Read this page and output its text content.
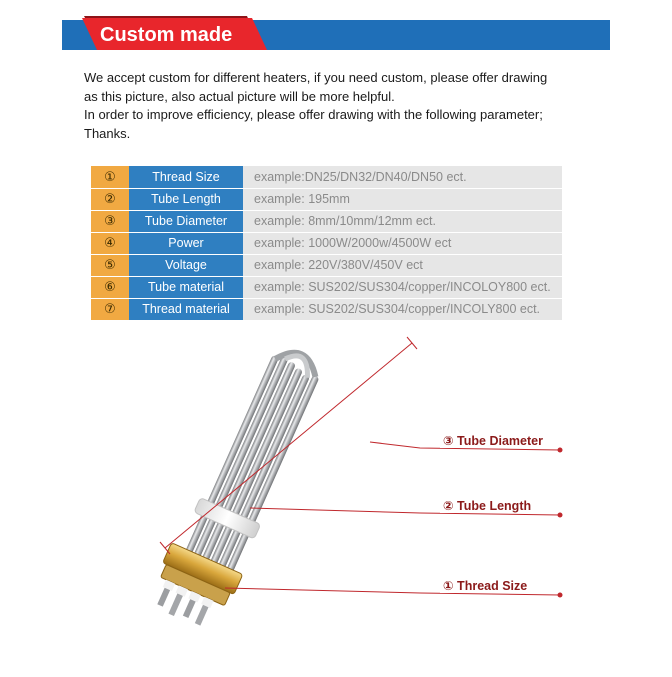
Custom made

We accept custom for different heaters, if you need custom, please offer drawing

as this picture, also actual picture will be more helpful.

In order to improve efficiency, please offer drawing with the following parameter;

Thanks.

①	Thread Size	example:DN25/DN32/DN40/DN50 ect.
②	Tube Length	example: 195mm
③	Tube Diameter	example: 8mm/10mm/12mm ect.
④	Power	example: 1000W/2000w/4500W ect
⑤	Voltage	example: 220V/380V/450V ect
⑥	Tube material	example: SUS202/SUS304/copper/INCOLOY800 ect.
⑦	Thread material	example: SUS202/SUS304/copper/INCOLY800 ect.
③ Tube Diameter
② Tube Length
① Thread Size
